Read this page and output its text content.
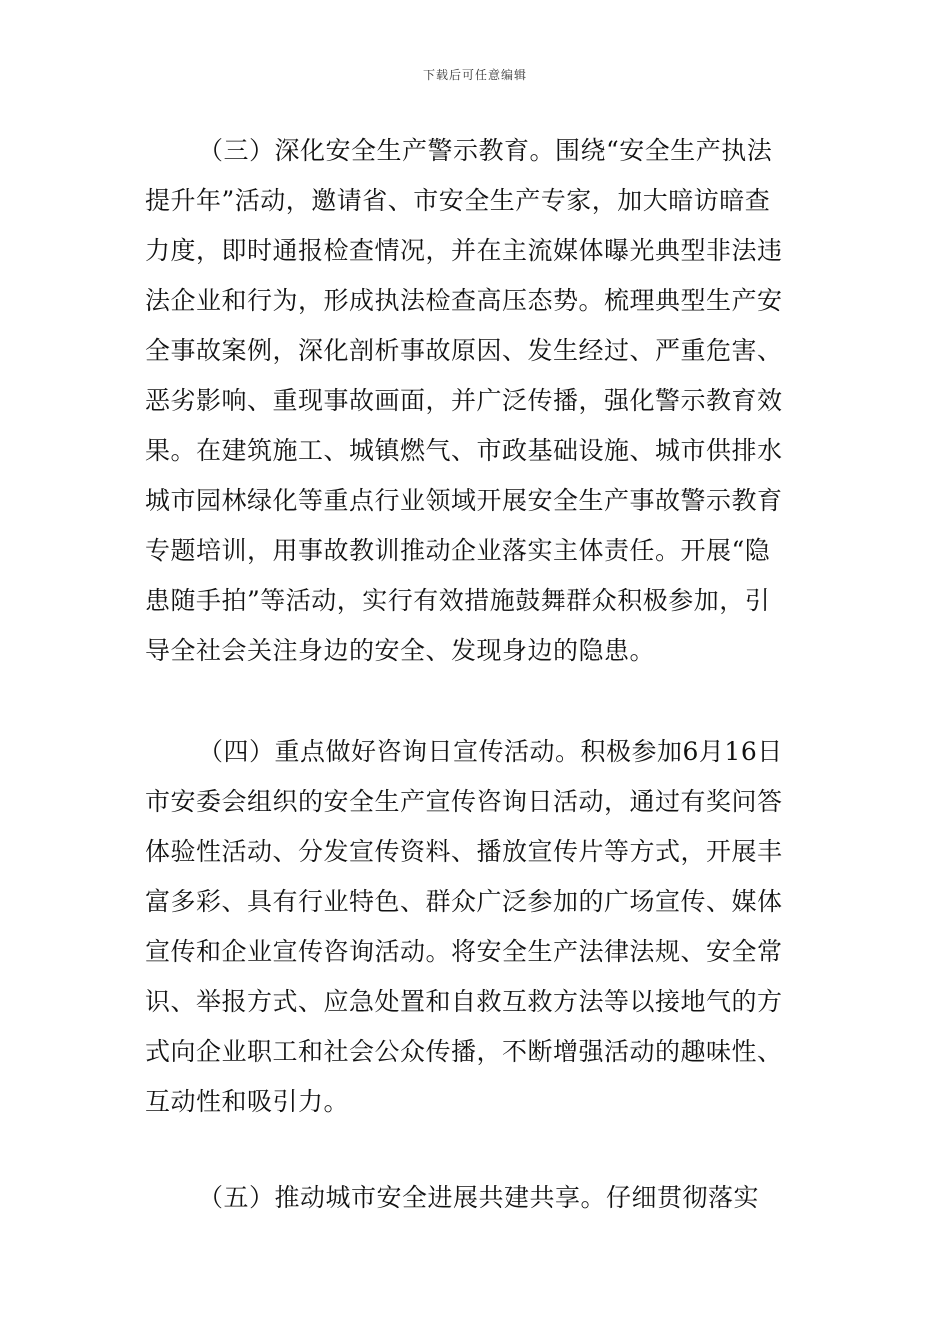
下载后可任意编辑
（三）深化安全生产警示教育。围绕“安全生产执法
提升年”活动，邀请省、市安全生产专家，加大暗访暗查
力度，即时通报检查情况，并在主流媒体曝光典型非法违
法企业和行为，形成执法检查高压态势。梳理典型生产安
全事故案例，深化剖析事故原因、发生经过、严重危害、
恶劣影响、重现事故画面，并广泛传播，强化警示教育效
果。在建筑施工、城镇燃气、市政基础设施、城市供排水
城市园林绿化等重点行业领域开展安全生产事故警示教育
专题培训，用事故教训推动企业落实主体责任。开展“隐
患随手拍”等活动，实行有效措施鼓舞群众积极参加，引
导全社会关注身边的安全、发现身边的隐患。
（四）重点做好咨询日宣传活动。积极参加6月16日
市安委会组织的安全生产宣传咨询日活动，通过有奖问答
体验性活动、分发宣传资料、播放宣传片等方式，开展丰
富多彩、具有行业特色、群众广泛参加的广场宣传、媒体
宣传和企业宣传咨询活动。将安全生产法律法规、安全常
识、举报方式、应急处置和自救互救方法等以接地气的方
式向企业职工和社会公众传播，不断增强活动的趣味性、
互动性和吸引力。
（五）推动城市安全进展共建共享。仔细贯彻落实
